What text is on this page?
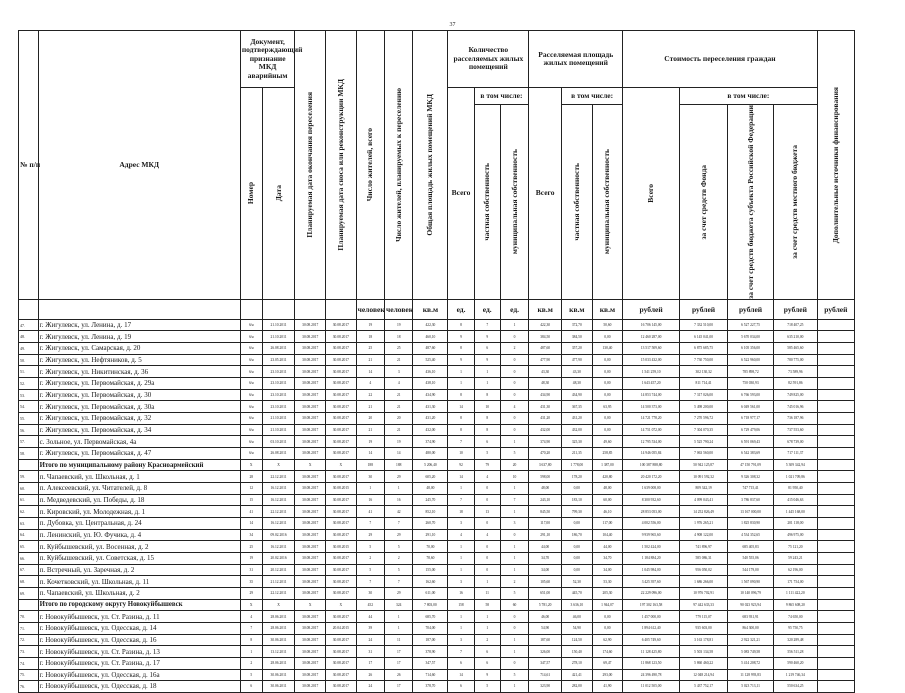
37
№ п/п	Адрес МКД	Документ, подтверждающий признание МКД аварийным		Планируемая дата окончания переселения	Планируемая дата сноса или реконструкции МКД	Число жителей, всего	Число жителей, планируемых к переселению	Общая площадь жилых помещений МКД	Количество расселяемых жилых помещений			Расселяемая площадь жилых помещений			Стоимость переселения граждан				Дополнительные источники финансирования

		Номер	Дата						Всего	в том числе:		Всего	в том числе:		Всего	в том числе:			

										частная собственность	муниципальная собственность		частная собственность	муниципальная собственность		за счет средств Фонда	за счет средств бюджета субъекта Российской Федерации	за счет средств местного бюджета	

						человек	человек	кв.м	ед.	ед.	ед.	кв.м	кв.м	кв.м	рублей	рублей	рублей	рублей	рублей
47.	г. Жигулевск, ул. Ленина, д. 17	б/н	21.10.2011	30.08.2017	30.08.2017	19	19	422,30	8	7	1	422,30	372,70	50,60	16 706 145,00	7 332 510,00	6 527 227,75	718 407,25	
48.	г. Жигулевск, ул. Ленина, д. 19	б/н	21.10.2011	30.08.2017	30.08.2017	18	18	460,10	9	9	0	384,50	384,50	0,00	12 460 287,00	6 145 041,00	5 670 034,00	635 210,00	
49.	г. Жигулевск, ул. Самарская, д. 20	б/н	26.08.2011	30.08.2017	30.08.2017	25	25	487,60	8	6	2	487,60	357,20	130,40	13 517 509,60	6 875 685,75	6 105 356,00	585 465,60	
50.	г. Жигулевск, ул. Нефтяников, д. 5	б/н	23.05.2011	30.08.2017	30.08.2017	21	21	525,40	9	9	0	477,90	477,90	0,00	15 033 432,00	7 730 750,00	6 522 960,00	780 775,00	
51.	г. Жигулевск, ул. Никитинская, д. 36	б/н	23.10.2011	30.08.2017	30.08.2017	14	3	436,10	1	1	0	43,30	43,30	0,00	1 541 259,10	302 130,32	785 898,72	73 589,96	
52.	г. Жигулевск, ул. Первомайская, д. 29а	б/н	23.10.2011	30.08.2017	30.08.2017	4	4	438,10	1	1	0	48,30	48,30	0,00	1 643 457,20	811 714,41	750 030,93	82 591,86	
53.	г. Жигулевск, ул. Первомайская, д. 30	б/н	23.10.2011	30.08.2017	30.08.2017	22	21	434,90	8	8	0	434,90	434,90	0,00	14 853 744,00	7 317 026,00	6 766 593,00	749 825,00	
54.	г. Жигулевск, ул. Первомайская, д. 30а	б/н	23.10.2011	30.08.2017	30.08.2017	21	21	431,30	14	10	4	431,30	367,35	63,95	14 500 373,00	5 498 200,00	6 049 561,00	745 016,96	
55.	г. Жигулевск, ул. Первомайская, д. 32	б/н	21.10.2011	30.08.2017	30.08.2017	20	20	431,20	8	8	0	431,20	431,20	0,00	14 721 778,20	7 270 596,72	6 718 977,17	736 187,96	
56.	г. Жигулевск, ул. Первомайская, д. 34	б/н	21.10.2011	30.08.2017	30.08.2017	21	21	432,00	8	8	0	432,00	432,00	0,00	14 751 072,00	7 304 070,35	6 729 479,06	737 553,60	
57.	с. Зольное, ул. Первомайская, 4а	б/н	03.10.2011	30.08.2017	30.08.2017	19	19	374,90	7	6	1	374,90	325,30	49,60	12 795 534,00	5 525 790,24	6 591 069,43	678 739,00	
58.	г. Жигулевск, ул. Первомайская, д. 47	б/н	26.08.2011	30.08.2017	30.08.2017	14	14	480,00	10	5	5	470,20	211,35	258,85	14 946 055,84	7 063 560,00	6 542 383,69	717 111,37	
	Итого по муниципальному району Красноармейский	X	X	X	X	188	188	5 206,40	92	79	20	3 637,80	1 778,00	1 387,00	100 387 888,80	50 942 125,87	47 150 791,09	5 309 342,94	
59.	п. Чапаевский, ул. Школьная, д. 1	28	22.12.2011	30.08.2017	30.08.2017	30	29	605,20	14	4	10	598,00	178,20	420,80	20 420 172,20	10 091 592,32	9 326 308,32	1 021 709,86	
60.	п. Алексеевский, ул. Читателей, д. 8	12	16.12.2011	30.08.2017	30.08.2015	1	1	48,00	1	0	1	48,00	0,00	48,00	1 639 008,00	809 342,19	747 715,41	81 950,40	
61.	п. Медведевский, ул. Победы, д. 18	15	16.12.2011	30.08.2017	30.08.2017	16	16	245,70	7	0	7	243,10	183,10	60,00	8 300 932,60	4 099 043,41	3 786 837,60	415 046,63	
62.	п. Кировский, ул. Молодежная, д. 1	41	22.12.2011	30.08.2017	30.08.2017	41	42	852,10	18	13	1	845,50	799,30	46,10	28 853 053,00	14 252 826,49	13 167 000,00	1 445 168,00	
63.	п. Дубовка, ул. Центральная, д. 24	14	16.12.2011	30.08.2017	30.08.2017	7	7	260,70	3	0	3	117,00	0,00	117,00	4 002 556,00	1 976 265,21	1 825 830,90	201 118,00	
64.	п. Ленинский, ул. Ю. Фучика, д. 4	34	09.02.2016	30.08.2017	30.08.2017	29	29	291,10	4	4	0	291,10	186,70	104,40	9 939 965,60	4 908 122,00	4 534 352,65	496 975,00	
65.	п. Куйбышевский, ул. Восенная, д. 2	25	16.12.2011	30.08.2017	30.08.2015	5	5	70,00	1	0	1	44,00	0,00	44,00	1 502 424,00	741 896,97	685 405,83	75 121,20	
66.	п. Куйбышевский, ул. Советская, д. 15	19	20.02.2016	30.08.2017	30.08.2017	2	2	78,60	1	0	1	34,70	0,00	34,70	1 184 884,20	585 086,31	540 555,06	59 243,21	
67.	п. Встречный, ул. Заречная, д. 2	31	20.12.2011	30.08.2017	30.08.2017	5	5	155,00	1	0	1	34,00	0,00	34,00	1 045 984,00	956 050,02	544 179,00	62 196,00	
68.	п. Кочетковский, ул. Школьная, д. 11	35	21.12.2011	30.08.2017	30.08.2017	7	7	162,60	3	1	2	105,60	52,30	53,30	3 425 397,60	1 686 266,00	1 567 090,90	171 754,00	
69.	п. Чапаевский, ул. Школьная, д. 2	29	22.12.2011	30.08.2017	30.08.2017	30	29	611,00	16	11	5	651,00	445,70	205,30	22 229 096,00	10 976 702,91	10 140 096,79	1 111 422,20	
	Итого по городскому округу Новокуйбышевск	X	X	X	X	452	324	7 803,00	158	58	60	5 781,20	3 636,10	1 944,07	197 302 163,58	97 442 633,33	90 023 923,94	9 865 608,20	
70.	г. Новокуйбышевск, ул. Ст. Разина, д. 11	4	28.06.2011	30.08.2017	30.08.2017	44	1	685,70	1	1	0	46,00	46,00	0,00	1 457 000,00	779 115,07	683 931,91	74 650,00	
71.	г. Новокуйбышевск, ул. Одесская, д. 14	7	28.06.2011	30.08.2017	20.04.2015	39	1	704,00	1	1	0	54,90	54,90	0,00	1 894 612,40	935 603,00	864 300,00	95 750,75	
72.	г. Новокуйбышевск, ул. Одесская, д. 16	8	30.06.2011	30.08.2017	30.08.2017	24	11	187,00	3	2	1	187,60	124,50	62,90	6 405 749,60	3 163 178,81	2 922 321,21	320 289,48	
73.	г. Новокуйбышевск, ул. Ст. Разина, д. 13	1	13.12.2011	30.08.2017	30.08.2017	31	17	378,90	7	6	1	326,00	150,40	174,60	11 128 425,80	5 503 134,58	5 083 749,58	556 511,28	
74.	г. Новокуйбышевск, ул. Ст. Разина, д. 17	2	28.06.2011	30.08.2017	30.08.2017	17	17	347,57	6	6	0	347,57	278,10	69,47	11 868 123,50	5 860 460,22	5 414 208,72	590 460,20	
75.	г. Новокуйбышевск, ул. Одесская, д. 16а	5	30.06.2011	30.08.2017	30.08.2017	26	26	714,60	14	9	5	714,61	421,41	293,00	24 396 490,78	12 048 214,94	11 128 993,83	1 219 746,34	
76.	г. Новокуйбышевск, ул. Одесская, д. 18	6	30.06.2011	30.08.2017	30.08.2017	24	17	378,70	6	5	1	323,90	282,00	41,90	11 012 505,00	5 437 752,17	5 023 713,11	550 634,25	
